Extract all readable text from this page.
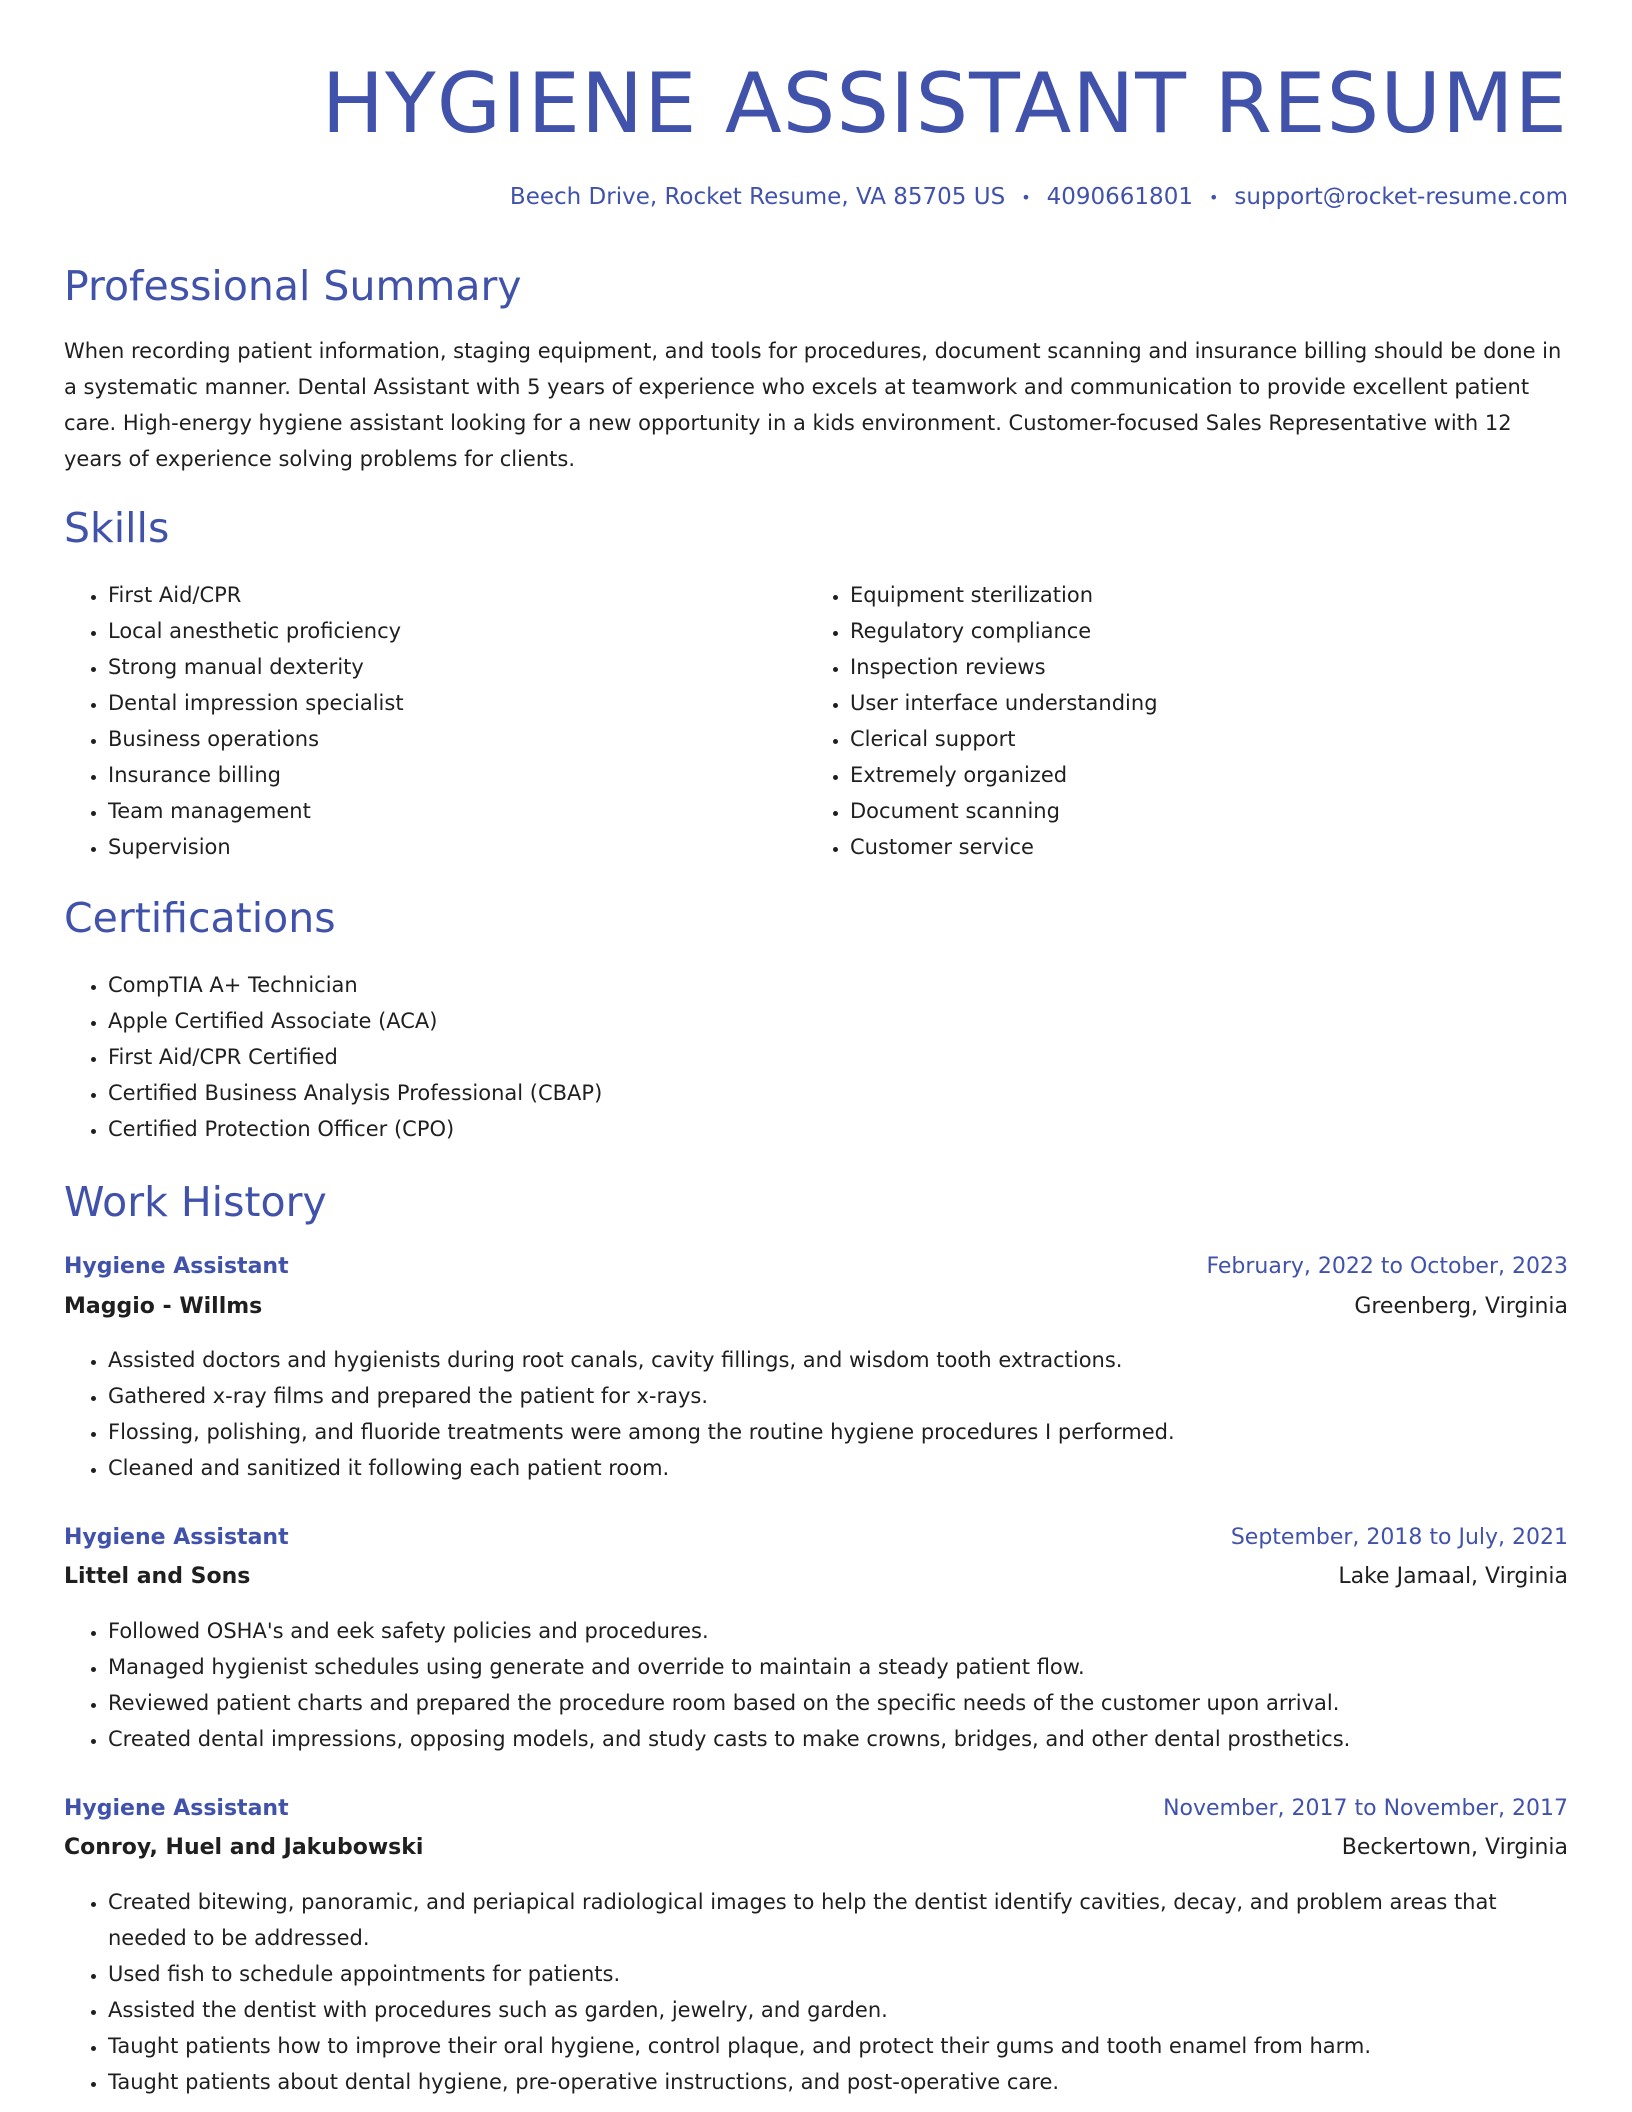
HYGIENE ASSISTANT RESUME
Beech Drive, Rocket Resume, VA 85705 US • 4090661801 • support@rocket-resume.com
Professional Summary

When recording patient information, staging equipment, and tools for procedures, document scanning and insurance billing should be done in a systematic manner. Dental Assistant with 5 years of experience who excels at teamwork and communication to provide excellent patient care. High-energy hygiene assistant looking for a new opportunity in a kids environment. Customer-focused Sales Representative with 12 years of experience solving problems for clients.

Skills
• First Aid/CPR
• Local anesthetic proficiency
• Strong manual dexterity
• Dental impression specialist
• Business operations
• Insurance billing
• Team management
• Supervision
• Equipment sterilization
• Regulatory compliance
• Inspection reviews
• User interface understanding
• Clerical support
• Extremely organized
• Document scanning
• Customer service
Certifications
• CompTIA A+ Technician
• Apple Certified Associate (ACA)
• First Aid/CPR Certified
• Certified Business Analysis Professional (CBAP)
• Certified Protection Officer (CPO)
Work History
Hygiene Assistant	February, 2022 to October, 2023
Maggio - Willms	Greenberg, Virginia
• Assisted doctors and hygienists during root canals, cavity fillings, and wisdom tooth extractions.
• Gathered x-ray films and prepared the patient for x-rays.
• Flossing, polishing, and fluoride treatments were among the routine hygiene procedures I performed.
• Cleaned and sanitized it following each patient room.
Hygiene Assistant	September, 2018 to July, 2021
Littel and Sons	Lake Jamaal, Virginia
• Followed OSHA's and eek safety policies and procedures.
• Managed hygienist schedules using generate and override to maintain a steady patient flow.
• Reviewed patient charts and prepared the procedure room based on the specific needs of the customer upon arrival.
• Created dental impressions, opposing models, and study casts to make crowns, bridges, and other dental prosthetics.
Hygiene Assistant	November, 2017 to November, 2017
Conroy, Huel and Jakubowski	Beckertown, Virginia
• Created bitewing, panoramic, and periapical radiological images to help the dentist identify cavities, decay, and problem areas that needed to be addressed.
• Used fish to schedule appointments for patients.
• Assisted the dentist with procedures such as garden, jewelry, and garden.
• Taught patients how to improve their oral hygiene, control plaque, and protect their gums and tooth enamel from harm.
• Taught patients about dental hygiene, pre-operative instructions, and post-operative care.
